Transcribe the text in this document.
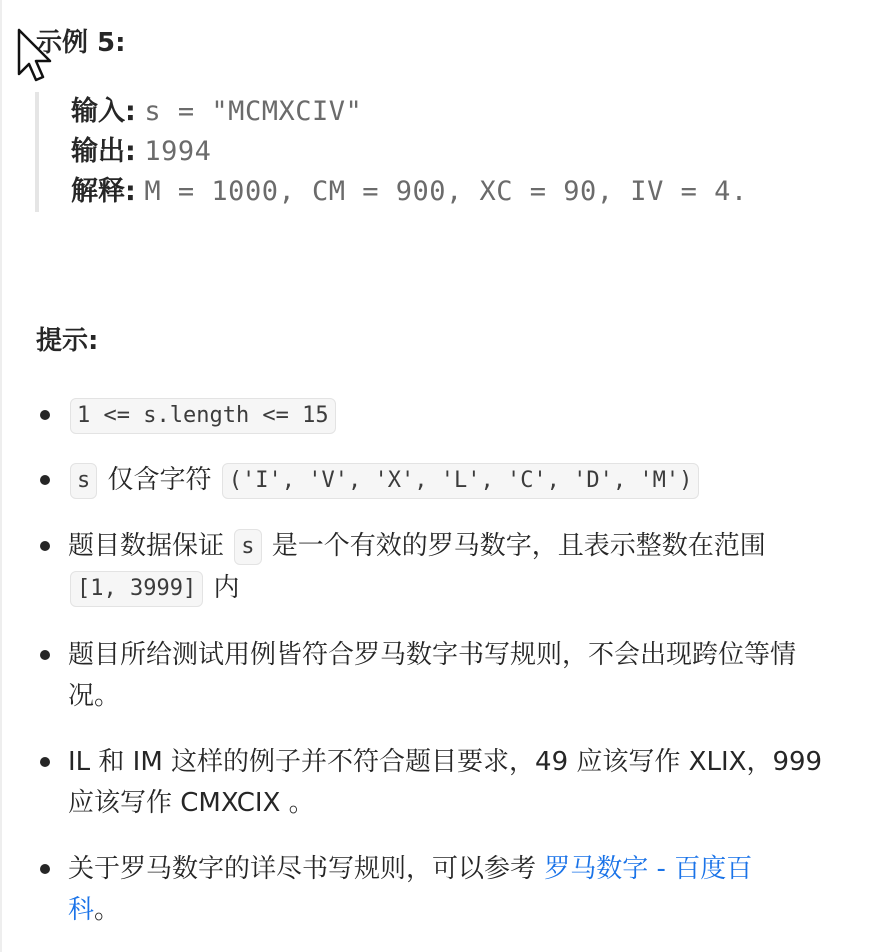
示例 5:
输入: s = "MCMXCIV"
输出: 1994
解释: M = 1000, CM = 900, XC = 90, IV = 4.
提示:
1 <= s.length <= 15
s 仅含字符 ('I', 'V', 'X', 'L', 'C', 'D', 'M')
题目数据保证 s 是一个有效的罗马数字，且表示整数在范围
[1, 3999] 内
题目所给测试用例皆符合罗马数字书写规则，不会出现跨位等情
况。
IL 和 IM 这样的例子并不符合题目要求，49 应该写作 XLIX，999
应该写作 CMXCIX 。
关于罗马数字的详尽书写规则，可以参考 罗马数字 - 百度百
科。
